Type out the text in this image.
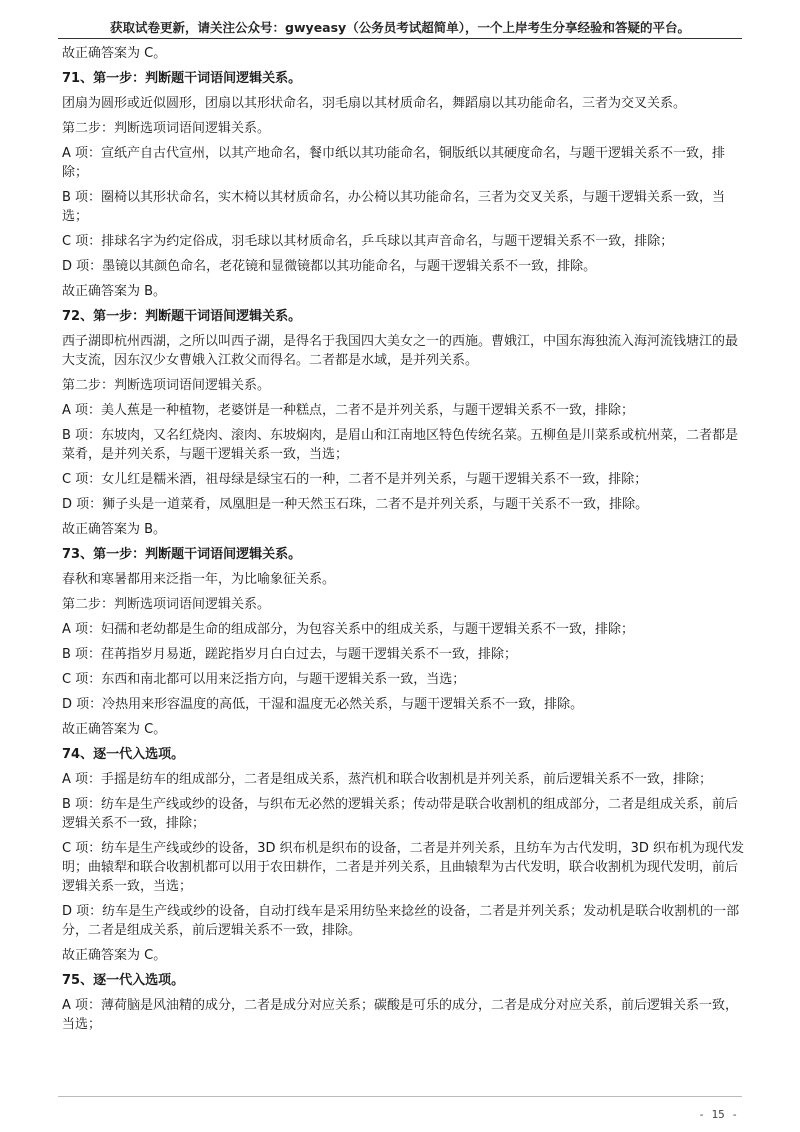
获取试卷更新，请关注公众号：gwyeasy（公务员考试超简单），一个上岸考生分享经验和答疑的平台。

故正确答案为 C。

71、第一步：判断题干词语间逻辑关系。

团扇为圆形或近似圆形，团扇以其形状命名，羽毛扇以其材质命名，舞蹈扇以其功能命名，三者为交叉关系。

第二步：判断选项词语间逻辑关系。

A 项：宣纸产自古代宣州，以其产地命名，餐巾纸以其功能命名，铜版纸以其硬度命名，与题干逻辑关系不一致，排除；

B 项：圈椅以其形状命名，实木椅以其材质命名，办公椅以其功能命名，三者为交叉关系，与题干逻辑关系一致，当选；

C 项：排球名字为约定俗成，羽毛球以其材质命名，乒乓球以其声音命名，与题干逻辑关系不一致，排除；

D 项：墨镜以其颜色命名，老花镜和显微镜都以其功能命名，与题干逻辑关系不一致，排除。

故正确答案为 B。

72、第一步：判断题干词语间逻辑关系。

西子湖即杭州西湖，之所以叫西子湖，是得名于我国四大美女之一的西施。曹娥江，中国东海独流入海河流钱塘江的最大支流，因东汉少女曹娥入江救父而得名。二者都是水域，是并列关系。

第二步：判断选项词语间逻辑关系。

A 项：美人蕉是一种植物，老婆饼是一种糕点，二者不是并列关系，与题干逻辑关系不一致，排除；

B 项：东坡肉，又名红烧肉、滚肉、东坡焖肉，是眉山和江南地区特色传统名菜。五柳鱼是川菜系或杭州菜，二者都是菜肴，是并列关系，与题干逻辑关系一致，当选；

C 项：女儿红是糯米酒，祖母绿是绿宝石的一种，二者不是并列关系，与题干逻辑关系不一致，排除；

D 项：狮子头是一道菜肴，凤凰胆是一种天然玉石珠，二者不是并列关系，与题干关系不一致，排除。

故正确答案为 B。

73、第一步：判断题干词语间逻辑关系。

春秋和寒暑都用来泛指一年，为比喻象征关系。

第二步：判断选项词语间逻辑关系。

A 项：妇孺和老幼都是生命的组成部分，为包容关系中的组成关系，与题干逻辑关系不一致，排除；

B 项：荏苒指岁月易逝，蹉跎指岁月白白过去，与题干逻辑关系不一致，排除；

C 项：东西和南北都可以用来泛指方向，与题干逻辑关系一致，当选；

D 项：冷热用来形容温度的高低，干湿和温度无必然关系，与题干逻辑关系不一致，排除。

故正确答案为 C。

74、逐一代入选项。

A 项：手摇是纺车的组成部分，二者是组成关系，蒸汽机和联合收割机是并列关系，前后逻辑关系不一致，排除；

B 项：纺车是生产线或纱的设备，与织布无必然的逻辑关系；传动带是联合收割机的组成部分，二者是组成关系，前后逻辑关系不一致，排除；

C 项：纺车是生产线或纱的设备，3D 织布机是织布的设备，二者是并列关系，且纺车为古代发明，3D 织布机为现代发明；曲辕犁和联合收割机都可以用于农田耕作，二者是并列关系，且曲辕犁为古代发明，联合收割机为现代发明，前后逻辑关系一致，当选；

D 项：纺车是生产线或纱的设备，自动打线车是采用纺坠来捻丝的设备，二者是并列关系；发动机是联合收割机的一部分，二者是组成关系，前后逻辑关系不一致，排除。

故正确答案为 C。

75、逐一代入选项。

A 项：薄荷脑是风油精的成分，二者是成分对应关系；碳酸是可乐的成分，二者是成分对应关系，前后逻辑关系一致，当选；

- 15 -
